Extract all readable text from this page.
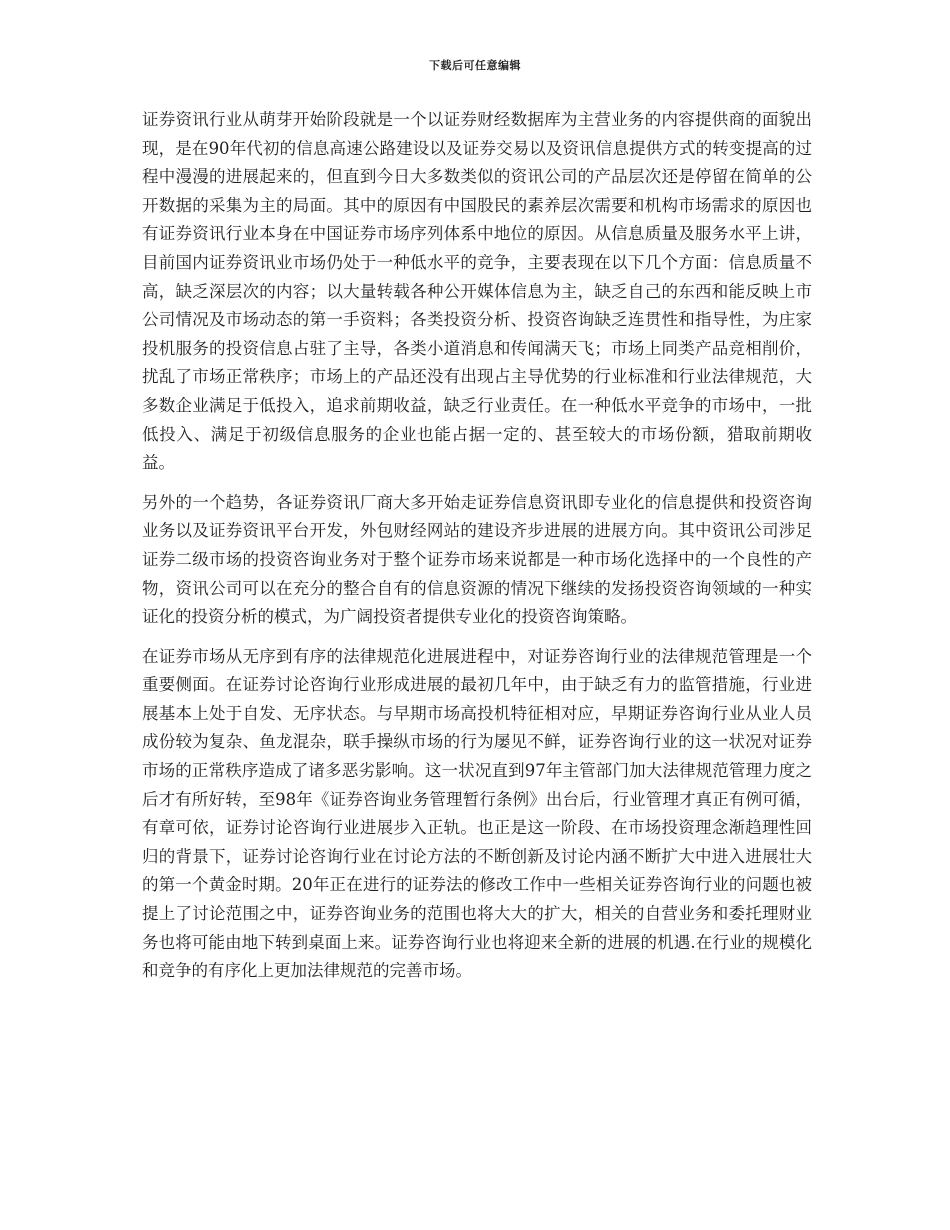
下载后可任意编辑

证券资讯行业从萌芽开始阶段就是一个以证券财经数据库为主营业务的内容提供商的面貌出现，是在90年代初的信息高速公路建设以及证券交易以及资讯信息提供方式的转变提高的过程中漫漫的进展起来的，但直到今日大多数类似的资讯公司的产品层次还是停留在简单的公开数据的采集为主的局面。其中的原因有中国股民的素养层次需要和机构市场需求的原因也有证券资讯行业本身在中国证券市场序列体系中地位的原因。从信息质量及服务水平上讲，目前国内证券资讯业市场仍处于一种低水平的竞争，主要表现在以下几个方面：信息质量不高，缺乏深层次的内容；以大量转载各种公开媒体信息为主，缺乏自己的东西和能反映上市公司情况及市场动态的第一手资料；各类投资分析、投资咨询缺乏连贯性和指导性，为庄家投机服务的投资信息占驻了主导，各类小道消息和传闻满天飞；市场上同类产品竞相削价，扰乱了市场正常秩序；市场上的产品还没有出现占主导优势的行业标准和行业法律规范，大多数企业满足于低投入，追求前期收益，缺乏行业责任。在一种低水平竞争的市场中，一批低投入、满足于初级信息服务的企业也能占据一定的、甚至较大的市场份额，猎取前期收益。

另外的一个趋势，各证券资讯厂商大多开始走证券信息资讯即专业化的信息提供和投资咨询业务以及证券资讯平台开发，外包财经网站的建设齐步进展的进展方向。其中资讯公司涉足证券二级市场的投资咨询业务对于整个证券市场来说都是一种市场化选择中的一个良性的产物，资讯公司可以在充分的整合自有的信息资源的情况下继续的发扬投资咨询领域的一种实证化的投资分析的模式，为广阔投资者提供专业化的投资咨询策略。

在证券市场从无序到有序的法律规范化进展进程中，对证券咨询行业的法律规范管理是一个重要侧面。在证券讨论咨询行业形成进展的最初几年中，由于缺乏有力的监管措施，行业进展基本上处于自发、无序状态。与早期市场高投机特征相对应，早期证券咨询行业从业人员成份较为复杂、鱼龙混杂，联手操纵市场的行为屡见不鲜，证券咨询行业的这一状况对证券市场的正常秩序造成了诸多恶劣影响。这一状况直到97年主管部门加大法律规范管理力度之后才有所好转，至98年《证券咨询业务管理暂行条例》出台后，行业管理才真正有例可循，有章可依，证券讨论咨询行业进展步入正轨。也正是这一阶段、在市场投资理念渐趋理性回归的背景下，证券讨论咨询行业在讨论方法的不断创新及讨论内涵不断扩大中进入进展壮大的第一个黄金时期。20年正在进行的证券法的修改工作中一些相关证券咨询行业的问题也被提上了讨论范围之中，证券咨询业务的范围也将大大的扩大，相关的自营业务和委托理财业务也将可能由地下转到桌面上来。证券咨询行业也将迎来全新的进展的机遇.在行业的规模化和竞争的有序化上更加法律规范的完善市场。
